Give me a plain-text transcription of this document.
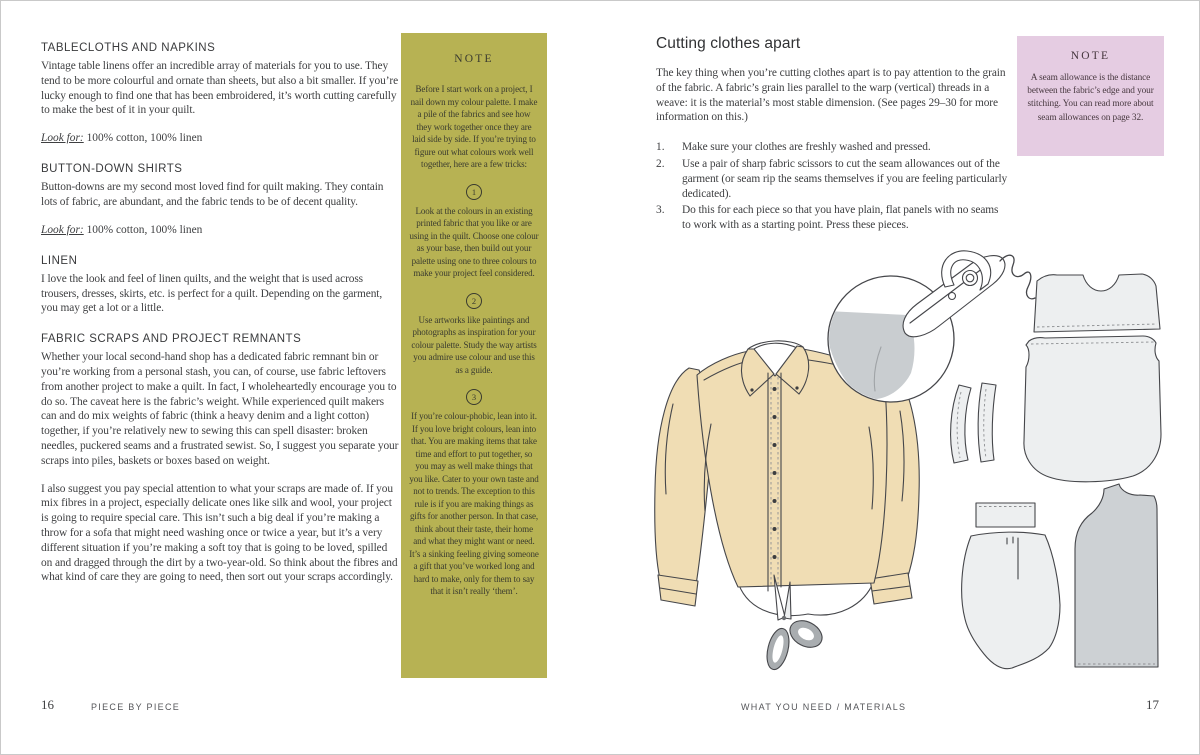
TABLECLOTHS AND NAPKINS

Vintage table linens offer an incredible array of materials for you to use. They tend to be more colourful and ornate than sheets, but also a bit smaller. If you’re lucky enough to find one that has been embroidered, it’s worth cutting carefully to make the best of it in your quilt.

Look for: 100% cotton, 100% linen

BUTTON-DOWN SHIRTS

Button-downs are my second most loved find for quilt making. They contain lots of fabric, are abundant, and the fabric tends to be of decent quality.

Look for: 100% cotton, 100% linen

LINEN

I love the look and feel of linen quilts, and the weight that is used across trousers, dresses, skirts, etc. is perfect for a quilt. Depending on the garment, you may get a lot or a little.

FABRIC SCRAPS AND PROJECT REMNANTS

Whether your local second-hand shop has a dedicated fabric remnant bin or you’re working from a personal stash, you can, of course, use fabric leftovers from another project to make a quilt. In fact, I wholeheartedly encourage you to do so. The caveat here is the fabric’s weight. While experienced quilt makers can and do mix weights of fabric (think a heavy denim and a light cotton) together, if you’re relatively new to sewing this can spell disaster: broken needles, puckered seams and a frustrated sewist. So, I suggest you separate your scraps into piles, baskets or boxes based on weight.

I also suggest you pay special attention to what your scraps are made of. If you mix fibres in a project, especially delicate ones like silk and wool, your project is going to require special care. This isn’t such a big deal if you’re making a throw for a sofa that might need washing once or twice a year, but it’s a very different situation if you’re making a soft toy that is going to be loved, spilled on and dragged through the dirt by a two-year-old. So think about the fibres and what kind of care they are going to need, then sort out your scraps accordingly.

NOTE

Before I start work on a project, I nail down my colour palette. I make a pile of the fabrics and see how they work together once they are laid side by side. If you’re trying to figure out what colours work well together, here are a few tricks:

1

Look at the colours in an existing printed fabric that you like or are using in the quilt. Choose one colour as your base, then build out your palette using one to three colours to make your project feel considered.

2

Use artworks like paintings and photographs as inspiration for your colour palette. Study the way artists you admire use colour and use this as a guide.

3

If you’re colour-phobic, lean into it. If you love bright colours, lean into that. You are making items that take time and effort to put together, so you may as well make things that you like. Cater to your own taste and not to trends. The exception to this rule is if you are making things as gifts for another person. In that case, think about their taste, their home and what they might want or need. It’s a sinking feeling giving someone a gift that you’ve worked long and hard to make, only for them to say that it isn’t really ‘them’.

Cutting clothes apart

The key thing when you’re cutting clothes apart is to pay attention to the grain of the fabric. A fabric’s grain lies parallel to the warp (vertical) threads in a weave: it is the material’s most stable dimension. (See pages 29–30 for more information on this.)

1.	Make sure your clothes are freshly washed and pressed.
2.	Use a pair of sharp fabric scissors to cut the seam allowances out of the garment (or seam rip the seams themselves if you are feeling particularly dedicated).
3.	Do this for each piece so that you have plain, flat panels with no seams to work with as a starting point. Press these pieces.
NOTE

A seam allowance is the distance between the fabric’s edge and your stitching. You can read more about seam allowances on page 32.

16	PIECE BY PIECE	WHAT YOU NEED / MATERIALS	17
